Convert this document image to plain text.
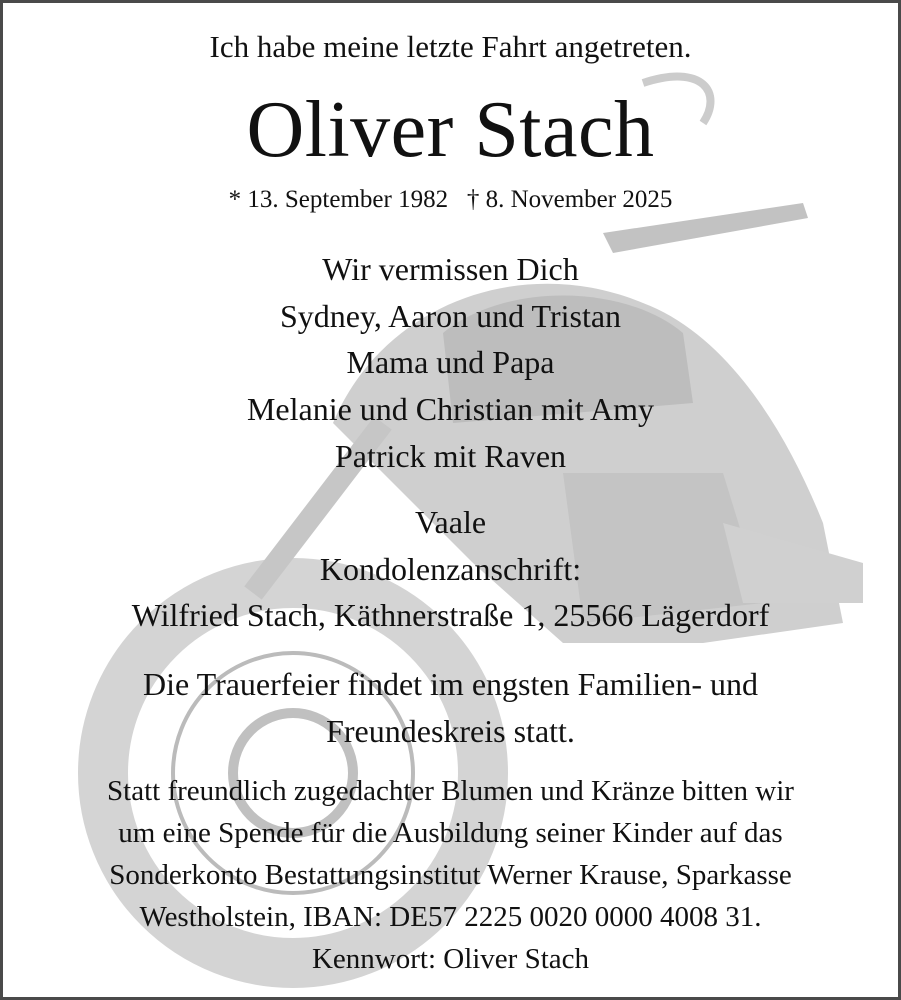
Ich habe meine letzte Fahrt angetreten.
Oliver Stach
* 13. September 1982   † 8. November 2025
Wir vermissen Dich
Sydney, Aaron und Tristan
Mama und Papa
Melanie und Christian mit Amy
Patrick mit Raven
Vaale
Kondolenzanschrift:
Wilfried Stach, Käthnerstraße 1, 25566 Lägerdorf
Die Trauerfeier findet im engsten Familien- und
Freundeskreis statt.
Statt freundlich zugedachter Blumen und Kränze bitten wir
um eine Spende für die Ausbildung seiner Kinder auf das
Sonderkonto Bestattungsinstitut Werner Krause, Sparkasse
Westholstein, IBAN: DE57 2225 0020 0000 4008 31.
Kennwort: Oliver Stach
